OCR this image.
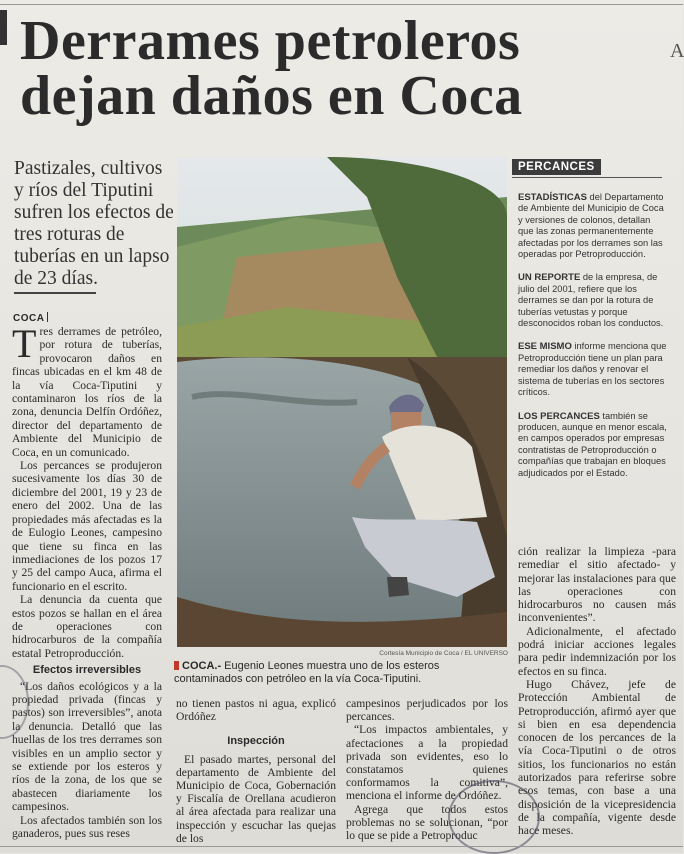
Derrames petroleros dejan daños en Coca
A
Pastizales, cultivos y ríos del Tiputini sufren los efectos de tres roturas de tuberías en un lapso de 23 días.
COCA

Tres derrames de petróleo, por rotura de tuberías, provocaron daños en fincas ubicadas en el km 48 de la vía Coca-Tiputini y contaminaron los ríos de la zona, denuncia Delfín Ordóñez, director del departamento de Ambiente del Municipio de Coca, en un comunicado.

Los percances se produjeron sucesivamente los días 30 de diciembre del 2001, 19 y 23 de enero del 2002. Una de las propiedades más afectadas es la de Eulogio Leones, campesino que tiene su finca en las inmediaciones de los pozos 17 y 25 del campo Auca, afirma el funcionario en el escrito.

La denuncia da cuenta que estos pozos se hallan en el área de operaciones con hidrocarburos de la compañía estatal Petroproducción.

Efectos irreversibles

“Los daños ecológicos y a la propiedad privada (fincas y pastos) son irreversibles”, anota la denuncia. Detalló que las huellas de los tres derrames son visibles en un amplio sector y se extiende por los esteros y ríos de la zona, de los que se abastecen diariamente los campesinos.

Los afectados también son los ganaderos, pues sus reses

Cortesía Municipio de Coca / EL UNIVERSO
COCA.- Eugenio Leones muestra uno de los esteros contaminados con petróleo en la vía Coca-Tiputini.

no tienen pastos ni agua, explicó Ordóñez

Inspección

El pasado martes, personal del departamento de Ambiente del Municipio de Coca, Gobernación y Fiscalía de Orellana acudieron al área afectada para realizar una inspección y escuchar las quejas de los

campesinos perjudicados por los percances.

“Los impactos ambientales, y afectaciones a la propiedad privada son evidentes, eso lo constatamos quienes conformamos la comitiva”, menciona el informe de Ordóñez.

Agrega que todos estos problemas no se solucionan, “por lo que se pide a Petroproduc

PERCANCES
ESTADÍSTICAS del Departamento de Ambiente del Municipio de Coca y versiones de colonos, detallan que las zonas permanentemente afectadas por los derrames son las operadas por Petroproducción.
UN REPORTE de la empresa, de julio del 2001, refiere que los derrames se dan por la rotura de tuberías vetustas y porque desconocidos roban los conductos.
ESE MISMO informe menciona que Petroproducción tiene un plan para remediar los daños y renovar el sistema de tuberías en los sectores críticos.
LOS PERCANCES también se producen, aunque en menor escala, en campos operados por empresas contratistas de Petroproducción o compañías que trabajan en bloques adjudicados por el Estado.

ción realizar la limpieza -para remediar el sitio afectado- y mejorar las instalaciones para que las operaciones con hidrocarburos no causen más inconvenientes”.

Adicionalmente, el afectado podrá iniciar acciones legales para pedir indemnización por los efectos en su finca.

Hugo Chávez, jefe de Protección Ambiental de Petroproducción, afirmó ayer que si bien en esa dependencia conocen de los percances de la vía Coca-Tiputini o de otros sitios, los funcionarios no están autorizados para referirse sobre esos temas, con base a una disposición de la vicepresidencia de la compañía, vigente desde hace meses.
